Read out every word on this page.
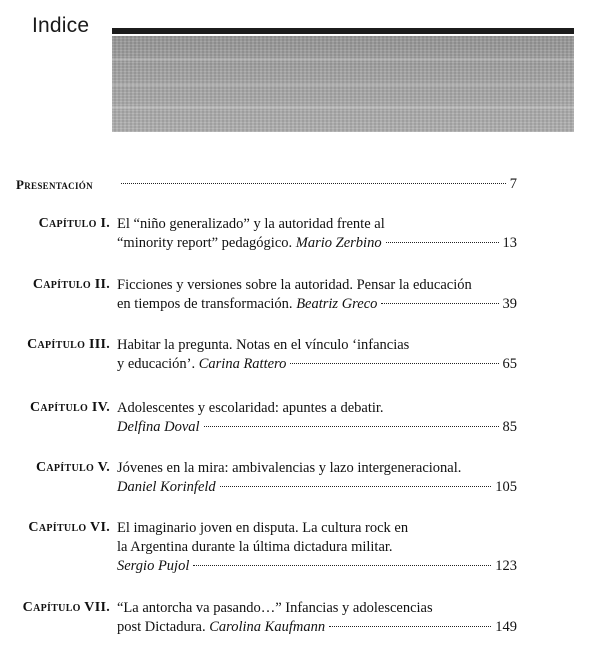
Indice
Presentación	7
Capítulo I. El “niño generalizado” y la autoridad frente al
“minority report” pedagógico.
Mario Zerbino	13
Capítulo II. Ficciones y versiones sobre la autoridad. Pensar la educación
en tiempos de transformación.
Beatriz Greco	39
Capítulo III. Habitar la pregunta. Notas en el vínculo ‘infancias
y educación’.
Carina Rattero	65
Capítulo IV. Adolescentes y escolaridad: apuntes a debatir.
Delfina Doval	85
Capítulo V. Jóvenes en la mira: ambivalencias y lazo intergeneracional.
Daniel Korinfeld	105
Capítulo VI. El imaginario joven en disputa. La cultura rock en
la Argentina durante la última dictadura militar.
Sergio Pujol	123
Capítulo VII. “La antorcha va pasando…” Infancias y adolescencias
post Dictadura.
Carolina Kaufmann	149
